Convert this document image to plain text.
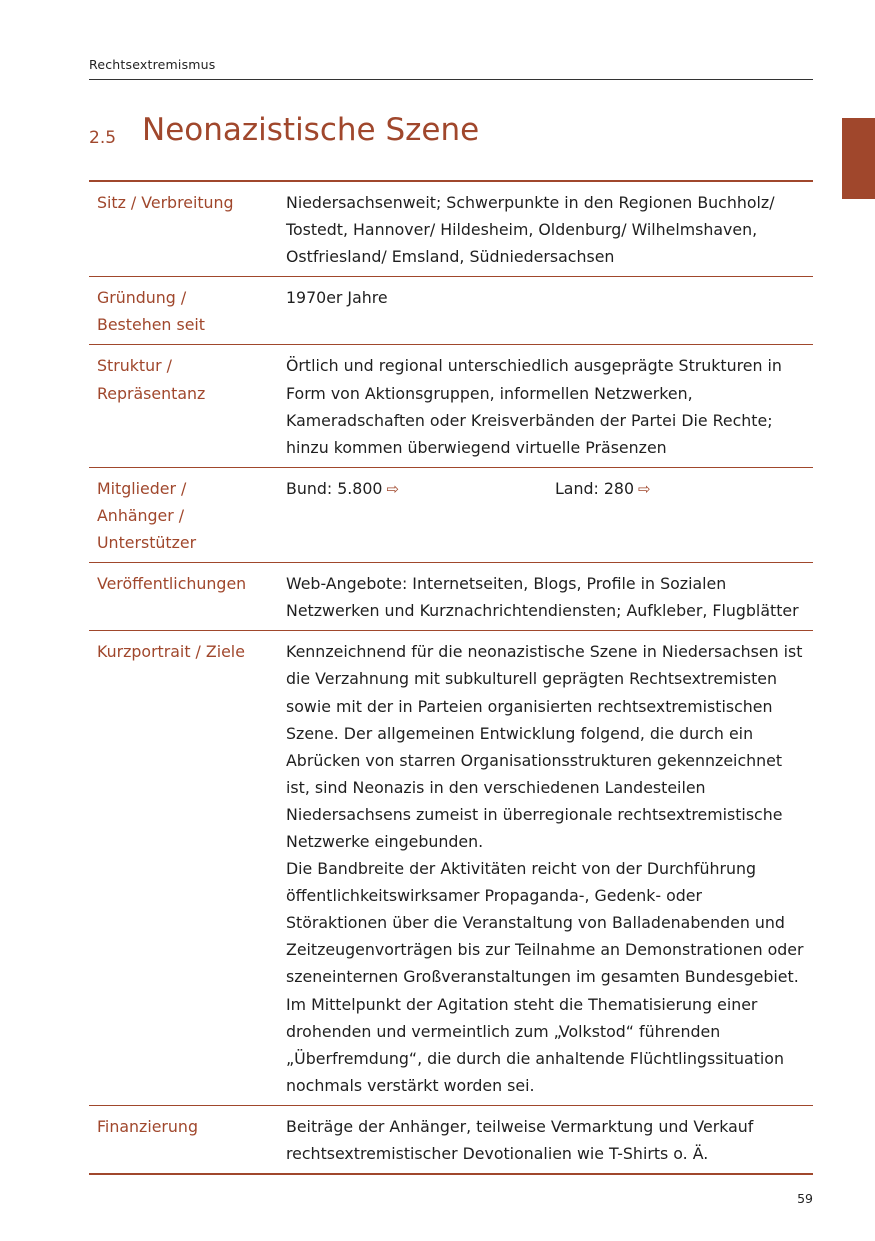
Rechtsextremismus
2.5 Neonazistische Szene
Sitz / Verbreitung	Niedersachsenweit; Schwerpunkte in den Regionen Buchholz/ Tostedt, Hannover/ Hildesheim, Oldenburg/ Wilhelmshaven, Ostfriesland/ Emsland, Südniedersachsen

Gründung / Bestehen seit	1970er Jahre

Struktur / Repräsentanz	Örtlich und regional unterschiedlich ausgeprägte Strukturen in Form von Aktionsgruppen, informellen Netzwerken, Kameradschaften oder Kreisverbänden der Partei Die Rechte; hinzu kommen überwiegend virtuelle Präsenzen

Mitglieder / Anhänger / Unterstützer	Bund: 5.800 ⇨ Land: 280 ⇨
Veröffentlichungen	Web-Angebote: Internetseiten, Blogs, Profile in Sozialen Netzwerken und Kurznachrichtendiensten; Aufkleber, Flugblätter
Kurzportrait / Ziele	Kennzeichnend für die neonazistische Szene in Niedersachsen ist die Verzahnung mit subkulturell geprägten Rechtsextremisten sowie mit der in Parteien organisierten rechtsextremistischen Szene. Der allgemeinen Entwicklung folgend, die durch ein Abrücken von starren Organisationsstrukturen gekennzeichnet ist, sind Neonazis in den verschiedenen Landesteilen Niedersachsens zumeist in überregionale rechtsextremistische Netzwerke eingebunden.
Die Bandbreite der Aktivitäten reicht von der Durchführung öffentlichkeitswirksamer Propaganda-, Gedenk- oder Störaktionen über die Veranstaltung von Balladenabenden und Zeitzeugenvorträgen bis zur Teilnahme an Demonstrationen oder szeneinternen Großveranstaltungen im gesamten Bundesgebiet.
Im Mittelpunkt der Agitation steht die Thematisierung einer drohenden und vermeintlich zum „Volkstod“ führenden „Überfremdung“, die durch die anhaltende Flüchtlingssituation nochmals verstärkt worden sei.

Finanzierung	Beiträge der Anhänger, teilweise Vermarktung und Verkauf rechtsextremistischer Devotionalien wie T-Shirts o. Ä.
59
